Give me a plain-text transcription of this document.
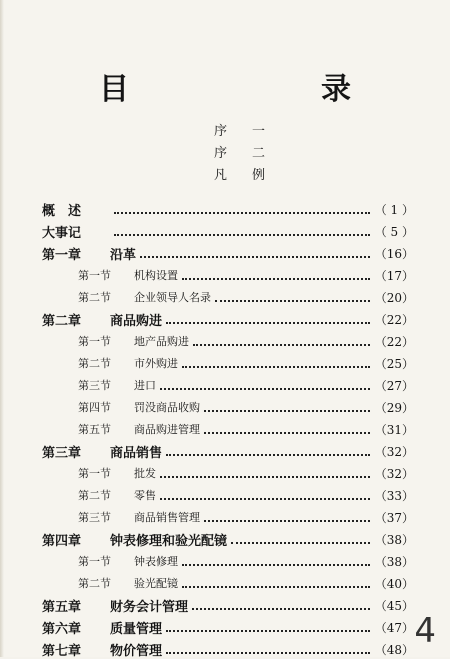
目　　录
序　一
序　二
凡　例
概　述	（ 1 ）
大事记	（ 5 ）
第一章 沿革	（16）
第一节 机构设置	（17）
第二节 企业领导人名录	（20）
第二章 商品购进	（22）
第一节 地产品购进	（22）
第二节 市外购进	（25）
第三节 进口	（27）
第四节 罚没商品收购	（29）
第五节 商品购进管理	（31）
第三章 商品销售	（32）
第一节 批发	（32）
第二节 零售	（33）
第三节 商品销售管理	（37）
第四章 钟表修理和验光配镜	（38）
第一节 钟表修理	（38）
第二节 验光配镜	（40）
第五章 财务会计管理	（45）
第六章 质量管理	（47）
第七章 物价管理	（48） 4
